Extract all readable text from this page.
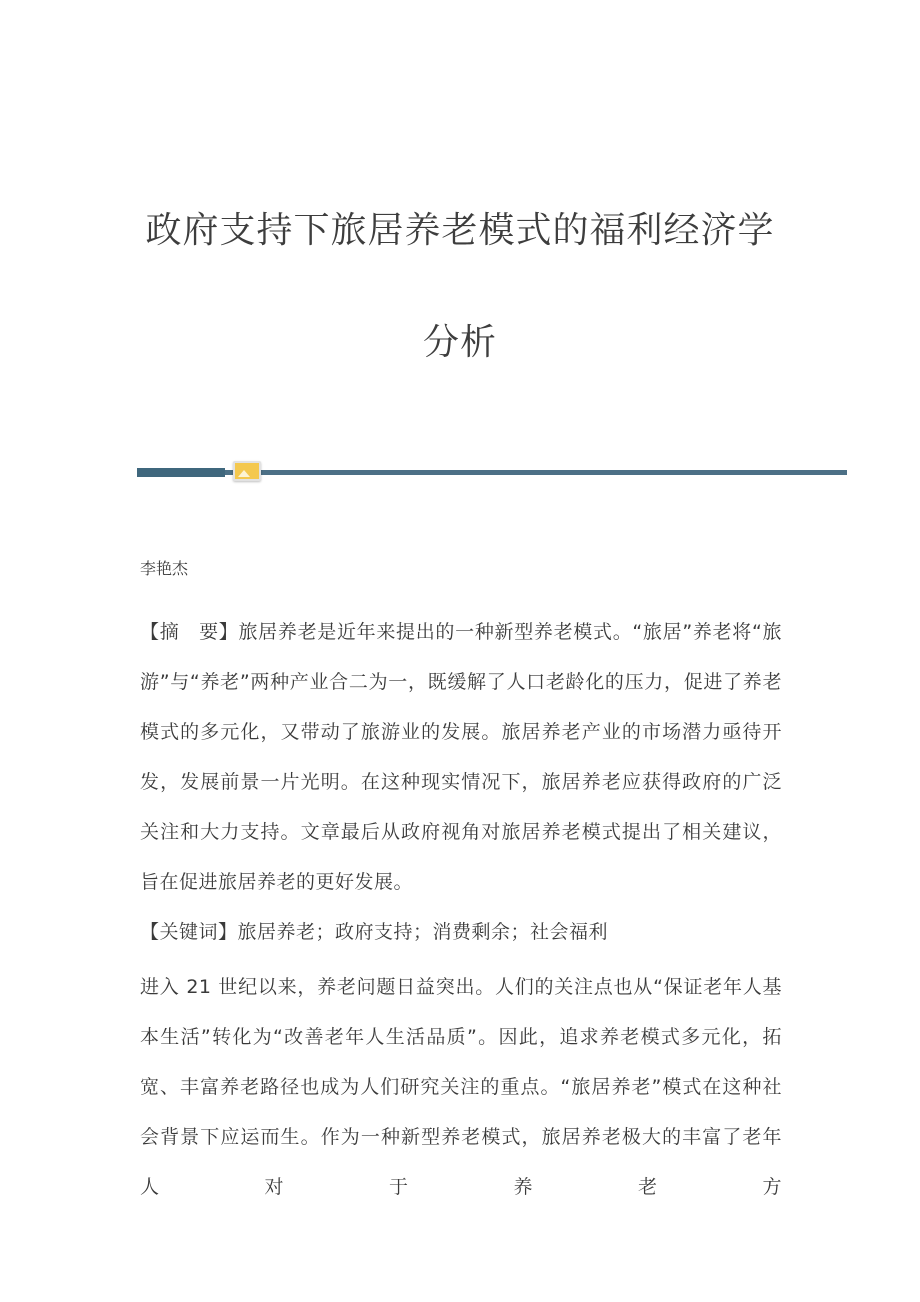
政府支持下旅居养老模式的福利经济学
分析
李艳杰

【摘　要】旅居养老是近年来提出的一种新型养老模式。“旅居”养老将“旅游”与“养老”两种产业合二为一，既缓解了人口老龄化的压力，促进了养老模式的多元化，又带动了旅游业的发展。旅居养老产业的市场潜力亟待开发，发展前景一片光明。在这种现实情况下，旅居养老应获得政府的广泛关注和大力支持。文章最后从政府视角对旅居养老模式提出了相关建议，旨在促进旅居养老的更好发展。

【关键词】旅居养老；政府支持；消费剩余；社会福利

进入 21 世纪以来，养老问题日益突出。人们的关注点也从“保证老年人基本生活”转化为“改善老年人生活品质”。因此，追求养老模式多元化，拓宽、丰富养老路径也成为人们研究关注的重点。“旅居养老”模式在这种社会背景下应运而生。作为一种新型养老模式，旅居养老极大的丰富了老年人对于养老方
